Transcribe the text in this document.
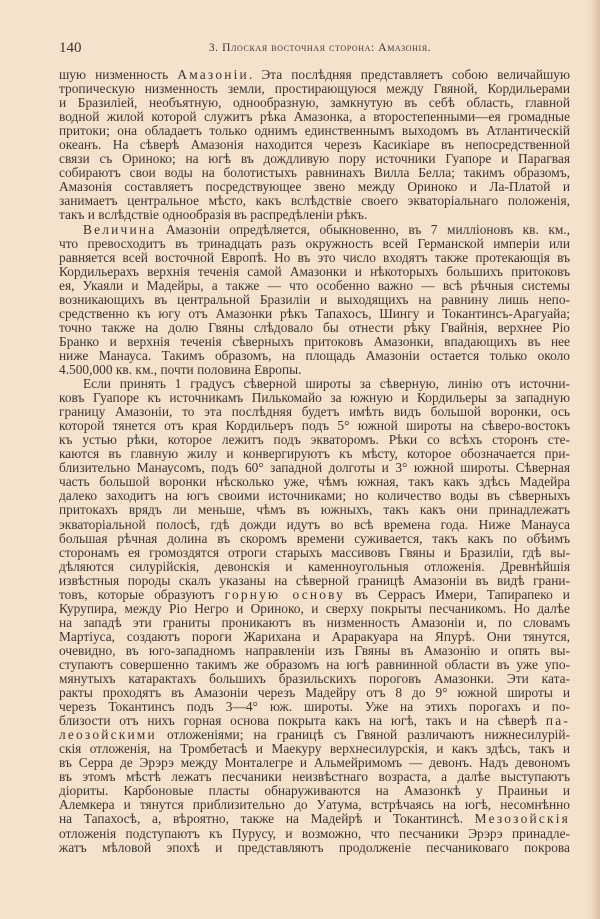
140	3. Плоская восточная сторона: Амазонія.
шую низменность Амазоніи. Эта послѣдняя представляетъ собою величайшую
тропическую низменность земли, простирающуюся между Гвяной, Кордильерами
и Бразиліей, необъятную, однообразную, замкнутую въ себѣ область, главной
водной жилой которой служитъ рѣка Амазонка, а второстепенными—ея громадные
притоки; она обладаетъ только однимъ единственнымъ выходомъ въ Атлантическій
океанъ. На сѣверѣ Амазонія находится черезъ Касикіаре въ непосредственной
связи съ Ориноко; на югѣ въ дождливую пору источники Гуапоре и Парагвая
собираютъ свои воды на болотистыхъ равнинахъ Вилла Белла; такимъ образомъ,
Амазонія составляетъ посредствующее звено между Ориноко и Ла-Платой и
занимаетъ центральное мѣсто, какъ вслѣдствіе своего экваторіальнаго положенія,
такъ и вслѣдствіе однообразія въ распредѣленіи рѣкъ.
Величина Амазоніи опредѣляется, обыкновенно, въ 7 милліоновъ кв. км.,
что превосходитъ въ тринадцать разъ окружность всей Германской имперіи или
равняется всей восточной Европѣ. Но въ это число входятъ также протекающія въ
Кордильерахъ верхнія теченія самой Амазонки и нѣкоторыхъ большихъ притоковъ
ея, Укаяли и Мадейры, а также — что особенно важно — всѣ рѣчныя системы
возникающихъ въ центральной Бразиліи и выходящихъ на равнину лишь непо-
средственно къ югу отъ Амазонки рѣкъ Тапахосъ, Шингу и Токантинсъ-Арагуайа;
точно также на долю Гвяны слѣдовало бы отнести рѣку Гвайнія, верхнее Ріо
Бранко и верхнія теченія сѣверныхъ притоковъ Амазонки, впадающихъ въ нее
ниже Манауса. Такимъ образомъ, на площадь Амазоніи остается только около
4.500,000 кв. км., почти половина Европы.
Если принять 1 градусъ сѣверной широты за сѣверную, линію отъ источни-
ковъ Гуапоре къ источникамъ Пилькомайо за южную и Кордильеры за западную
границу Амазоніи, то эта послѣдняя будетъ имѣть видъ большой воронки, ось
которой тянется отъ края Кордильеръ подъ 5° южной широты на сѣверо-востокъ
къ устью рѣки, которое лежитъ подъ экваторомъ. Рѣки со всѣхъ сторонъ сте-
каются въ главную жилу и конвергируютъ къ мѣсту, которое обозначается при-
близительно Манаусомъ, подъ 60° западной долготы и 3° южной широты. Сѣверная
часть большой воронки нѣсколько уже, чѣмъ южная, такъ какъ здѣсь Мадейра
далеко заходитъ на югъ своими источниками; но количество воды въ сѣверныхъ
притокахъ врядъ ли меньше, чѣмъ въ южныхъ, такъ какъ они принадлежатъ
экваторіальной полосѣ, гдѣ дожди идутъ во всѣ времена года. Ниже Манауса
большая рѣчная долина въ скоромъ времени суживается, такъ какъ по обѣимъ
сторонамъ ея громоздятся отроги старыхъ массивовъ Гвяны и Бразиліи, гдѣ вы-
дѣляются силурійскія, девонскія и каменноугольныя отложенія. Древнѣйшія
извѣстныя породы скалъ указаны на сѣверной границѣ Амазоніи въ видѣ грани-
товъ, которые образуютъ горную основу въ Серрасъ Имери, Тапирапеко и
Курупира, между Ріо Негро и Ориноко, и сверху покрыты песчаникомъ. Но далѣе
на западѣ эти граниты проникаютъ въ низменность Амазоніи и, по словамъ
Мартіуса, создаютъ пороги Жарихана и Араракуара на Япурѣ. Они тянутся,
очевидно, въ юго-западномъ направленіи изъ Гвяны въ Амазонію и опять вы-
ступаютъ совершенно такимъ же образомъ на югѣ равнинной области въ уже упо-
мянутыхъ катарактахъ большихъ бразильскихъ пороговъ Амазонки. Эти ката-
ракты проходятъ въ Амазоніи черезъ Мадейру отъ 8 до 9° южной широты и
черезъ Токантинсъ подъ 3—4° юж. широты. Уже на этихъ порогахъ и по-
близости отъ нихъ горная основа покрыта какъ на югѣ, такъ и на сѣверѣ па-
леозойскими отложеніями; на границѣ съ Гвяной различаютъ нижнесилурій-
скія отложенія, на Тромбетасѣ и Маекуру верхнесилурскія, и какъ здѣсь, такъ и
въ Серра де Эрэрэ между Монталегре и Альмейримомъ — девонъ. Надъ девономъ
въ этомъ мѣстѣ лежатъ песчаники неизвѣстнаго возраста, а далѣе выступаютъ
діориты. Карбоновые пласты обнаруживаются на Амазонкѣ у Праиньи и
Алемкера и тянутся приблизительно до Уатума, встрѣчаясь на югѣ, несомнѣнно
на Тапахосѣ, а, вѣроятно, также на Мадейрѣ и Токантинсѣ. Мезозойскія
отложенія подступаютъ къ Пурусу, и возможно, что песчаники Эрэрэ принадле-
жатъ мѣловой эпохѣ и представляютъ продолженіе песчаниковаго покрова
